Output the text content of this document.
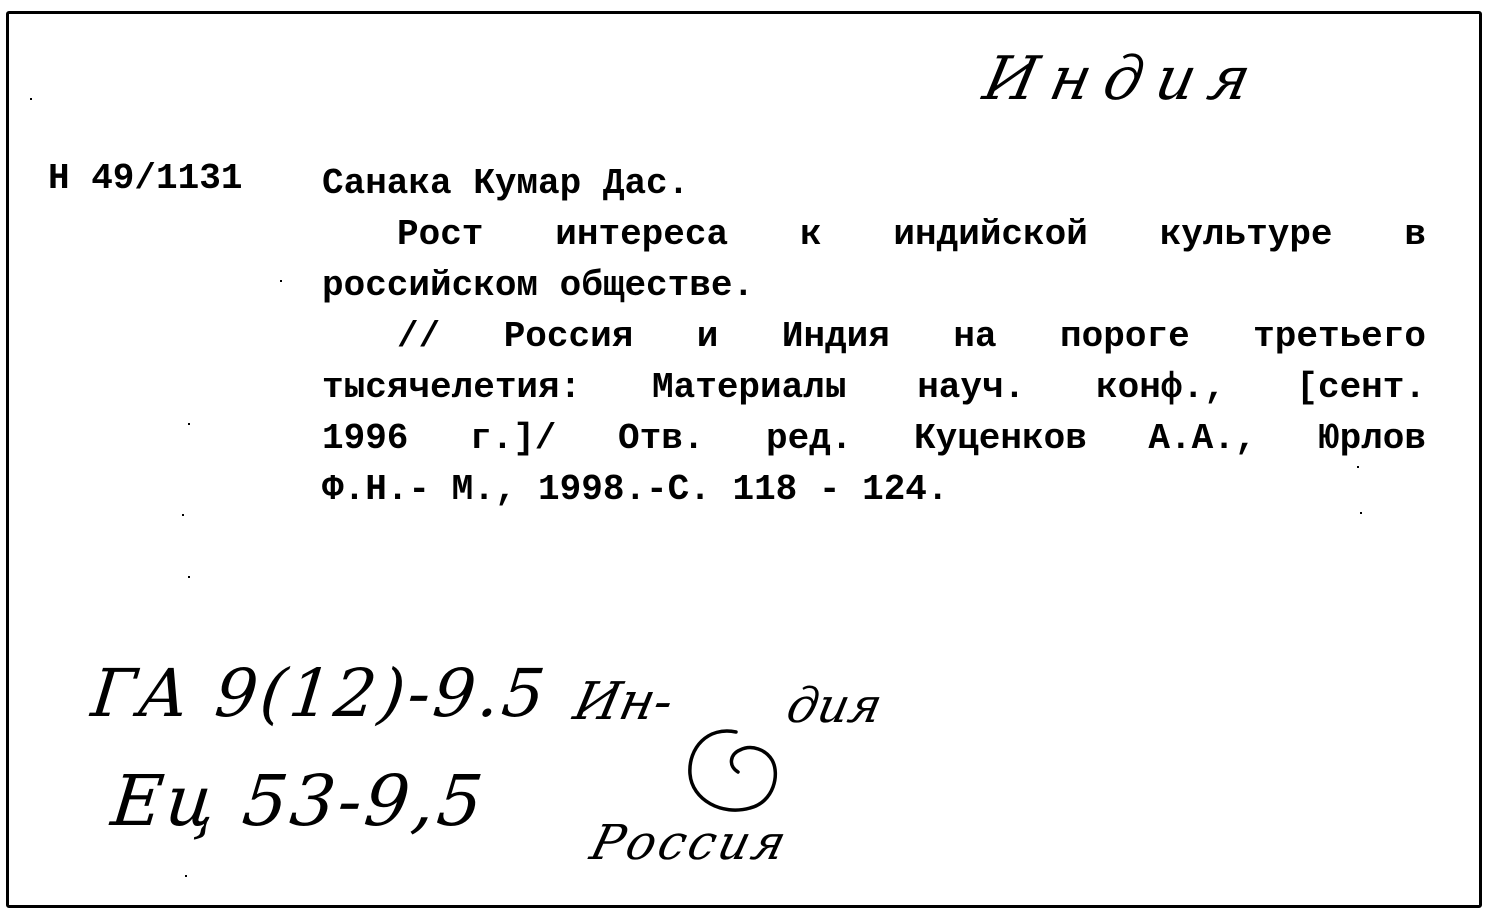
Индия
Н 49/1131 Санака Кумар Дас.

Рост интереса к индийской культуре в

российском обществе.

// Россия и Индия на пороге третьего

тысячелетия: Материалы науч. конф., [сент.

1996 г.]/ Отв. ред. Куценков А.А., Юрлов

Ф.Н.- М., 1998.-С. 118 - 124.

ГА 9(12)-9.5 Ин- дия
Ец 53-9,5
Россия
